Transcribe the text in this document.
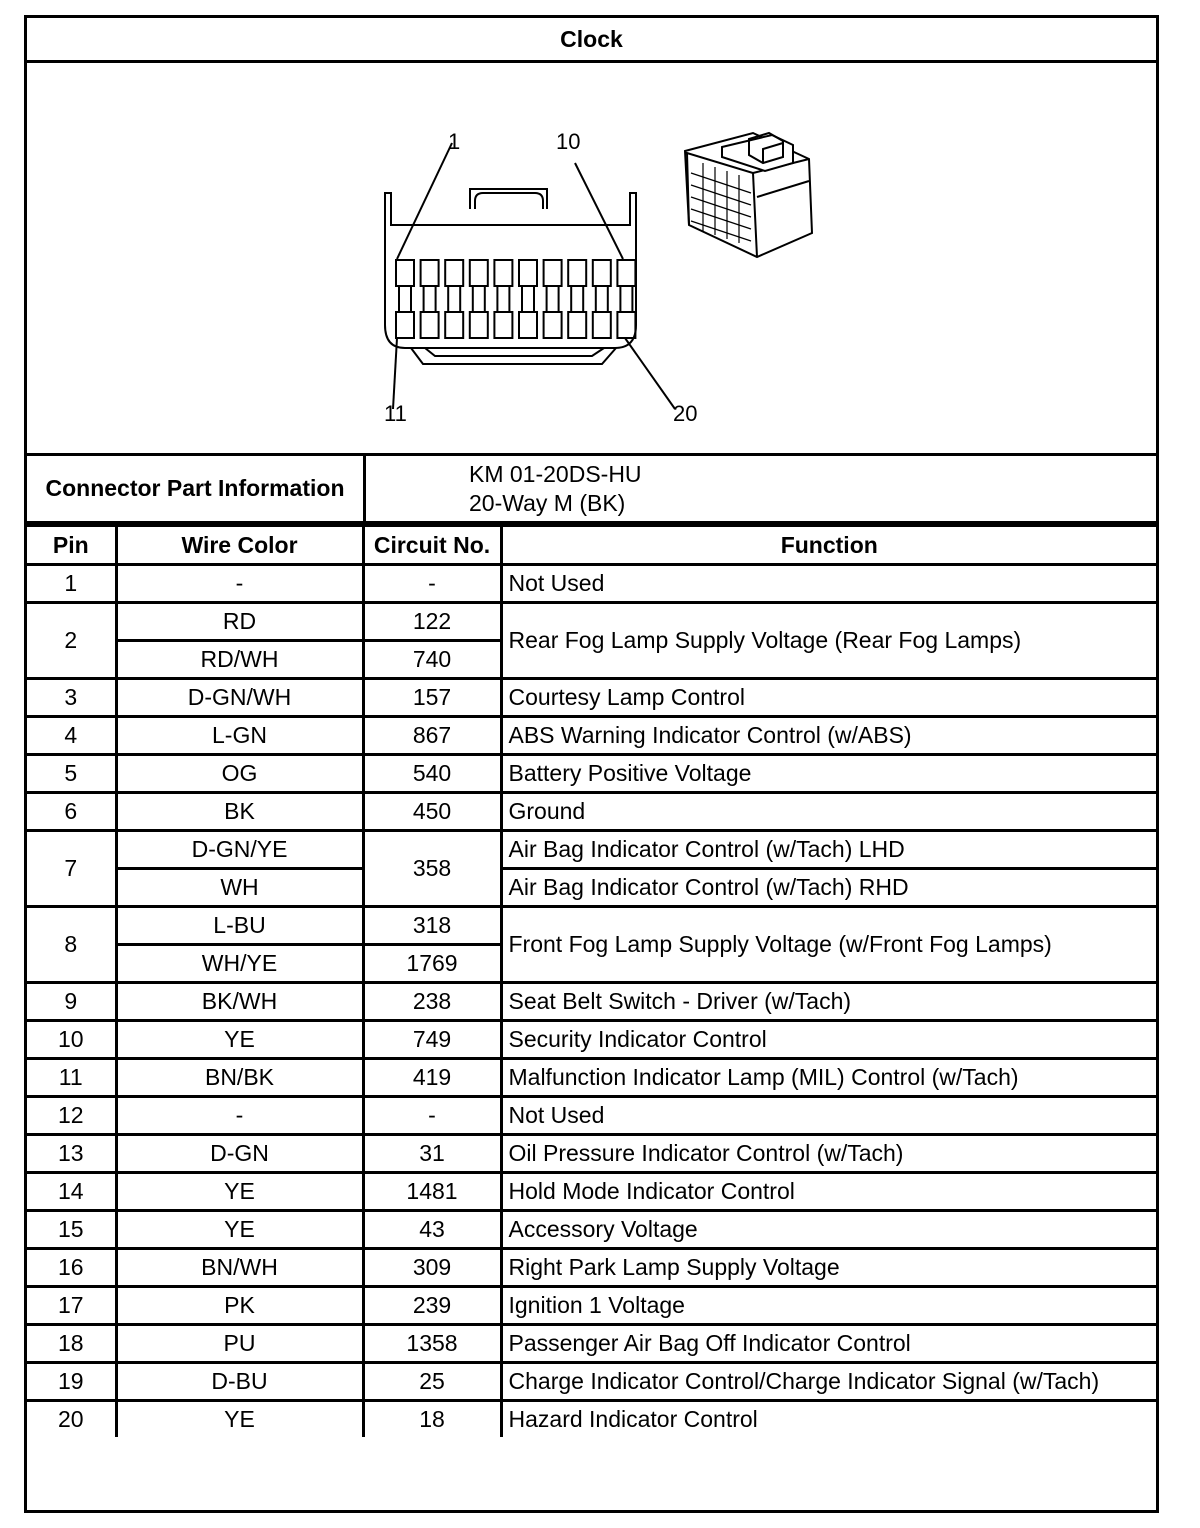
Clock
1	10
11	20
Connector Part Information
KM 01-20DS-HU
20-Way M (BK)
Pin	Wire Color	Circuit No.	Function
1	-	-	Not Used
2	RD	122	Rear Fog Lamp Supply Voltage (Rear Fog Lamps)
	RD/WH	740	
3	D-GN/WH	157	Courtesy Lamp Control
4	L-GN	867	ABS Warning Indicator Control (w/ABS)
5	OG	540	Battery Positive Voltage
6	BK	450	Ground
7	D-GN/YE	358	Air Bag Indicator Control (w/Tach) LHD
	WH		Air Bag Indicator Control (w/Tach) RHD
8	L-BU	318	Front Fog Lamp Supply Voltage (w/Front Fog Lamps)
	WH/YE	1769	
9	BK/WH	238	Seat Belt Switch - Driver (w/Tach)
10	YE	749	Security Indicator Control
11	BN/BK	419	Malfunction Indicator Lamp (MIL) Control (w/Tach)
12	-	-	Not Used
13	D-GN	31	Oil Pressure Indicator Control (w/Tach)
14	YE	1481	Hold Mode Indicator Control
15	YE	43	Accessory Voltage
16	BN/WH	309	Right Park Lamp Supply Voltage
17	PK	239	Ignition 1 Voltage
18	PU	1358	Passenger Air Bag Off Indicator Control
19	D-BU	25	Charge Indicator Control/Charge Indicator Signal (w/Tach)
20	YE	18	Hazard Indicator Control
